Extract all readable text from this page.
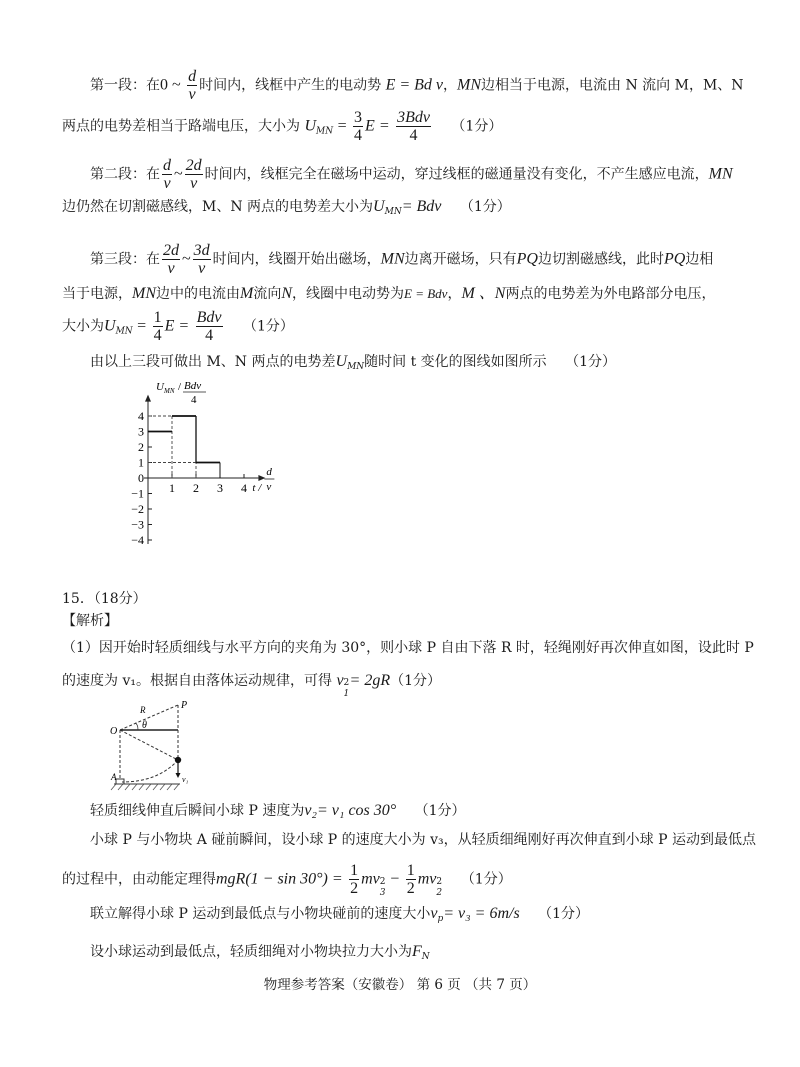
第一段：在0 ~ $\frac{d}{v}$ 时间内，线框中产生的电动势 E = Bd v，MN边相当于电源，电流由 N 流向 M，M、N
两点的电势差相当于路端电压，大小为 $U_{MN} = \frac{3}{4}$ $E = \frac{\text{3Bdv}}{4} (1$分）
第二段：在 $\frac{d}{v}$ ~ $\frac{2d}{v}$ 时间内，线框完全在磁场中运动，穿过线框的磁通量没有变化，不产生感应电流，MN
边仍然在切割磁感线，M、N 两点的电势差大小为$U_{MN}=$ Bdv （1分）
第三段：在 $\frac{2d}{v}$ ~ $\frac{3d}{v}$ 时间内，线圈开始出磁场，MN边离开磁场，只有PQ边切割磁感线，此时PQ边相
当于电源，MN边中的电流由M流向N，线圈中电动势为E = Bdv，M 、N两点的电势差为外电路部分电压，
大小为$U_{MN} = \frac{1}{4}$ $E = \frac{\text{Bdv}}{4} (1$分）
由以上三段可做出 M、N 两点的电势差$U_{MN}$随时间 t 变化的图线如图所示 （1分）
4
3
2
1
0
−1
−2
−3
−4
1 2 3 4
U MN / Bdv
4
t /
d
v
15．（18分）
【解析】
（1）因开始时轻质细线与水平方向的夹角为 30°，则小球 P 自由下落 R 时，轻绳刚好再次伸直如图，设此时 P
的速度为 v₁。根据自由落体运动规律，可得 v 2
1
= 2gR（1分）
O
R
θ
P
A	v₁
轻质细线伸直后瞬间小球 P 速度为v₂= v₁ cos 30° （1分）
小球 P 与小物块 A 碰前瞬间，设小球 P 的速度大小为 v₃，从轻质细绳刚好再次伸直到小球 P 运动到最低点
的过程中，由动能定理得$mgR(1 - \sin 30^\circ) = \frac{1}{2}$ mv 2
3
− $\frac{1}{2}$ mv 2
2
（1分）
联立解得小球 P 运动到最低点与小物块碰前的速度大小$v_p= v_3 = 6m/s$ （1分）
设小球运动到最低点，轻质细绳对小物块拉力大小为$F_N$
物理参考答案（安徽卷） 第 6 页 （共 7 页）
